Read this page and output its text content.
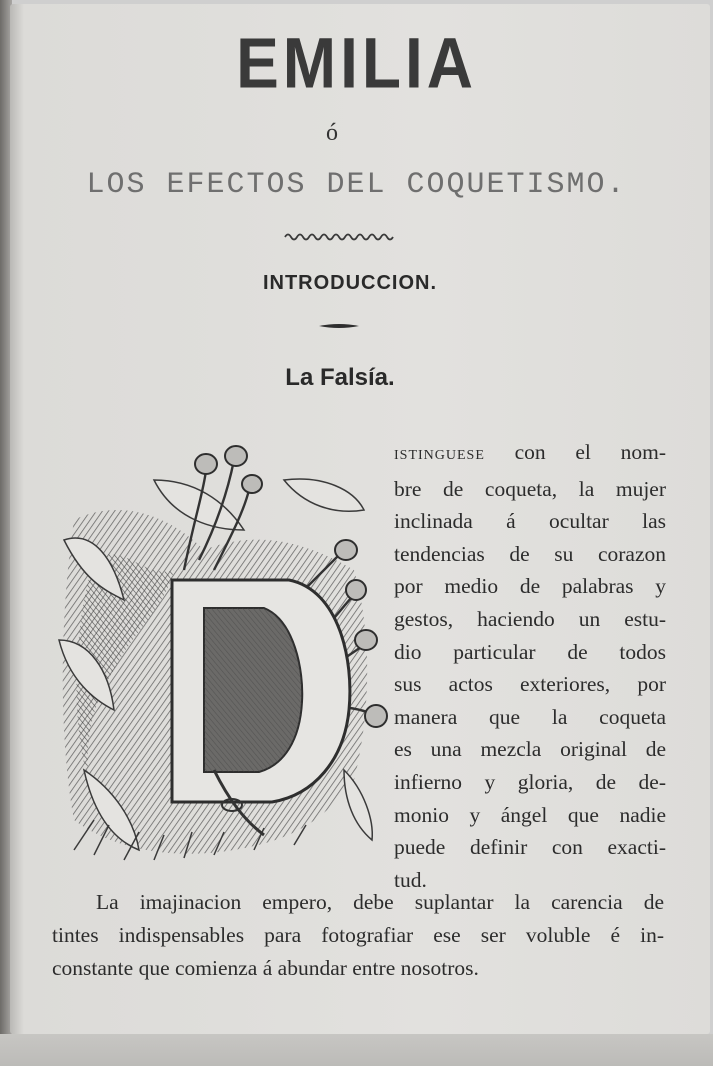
EMILIA
ó
LOS EFECTOS DEL COQUETISMO.
INTRODUCCION.
La Falsía.
ISTINGUESE con el nom-
bre de coqueta, la mujer
inclinada á ocultar las
tendencias de su corazon
por medio de palabras y
gestos, haciendo un estu-
dio particular de todos
sus actos exteriores, por
manera que la coqueta
es una mezcla original de
infierno y gloria, de de-
monio y ángel que nadie
puede definir con exacti-
tud.
La imajinacion empero, debe suplantar la carencia de
tintes indispensables para fotografiar ese ser voluble é in-
constante que comienza á abundar entre nosotros.
